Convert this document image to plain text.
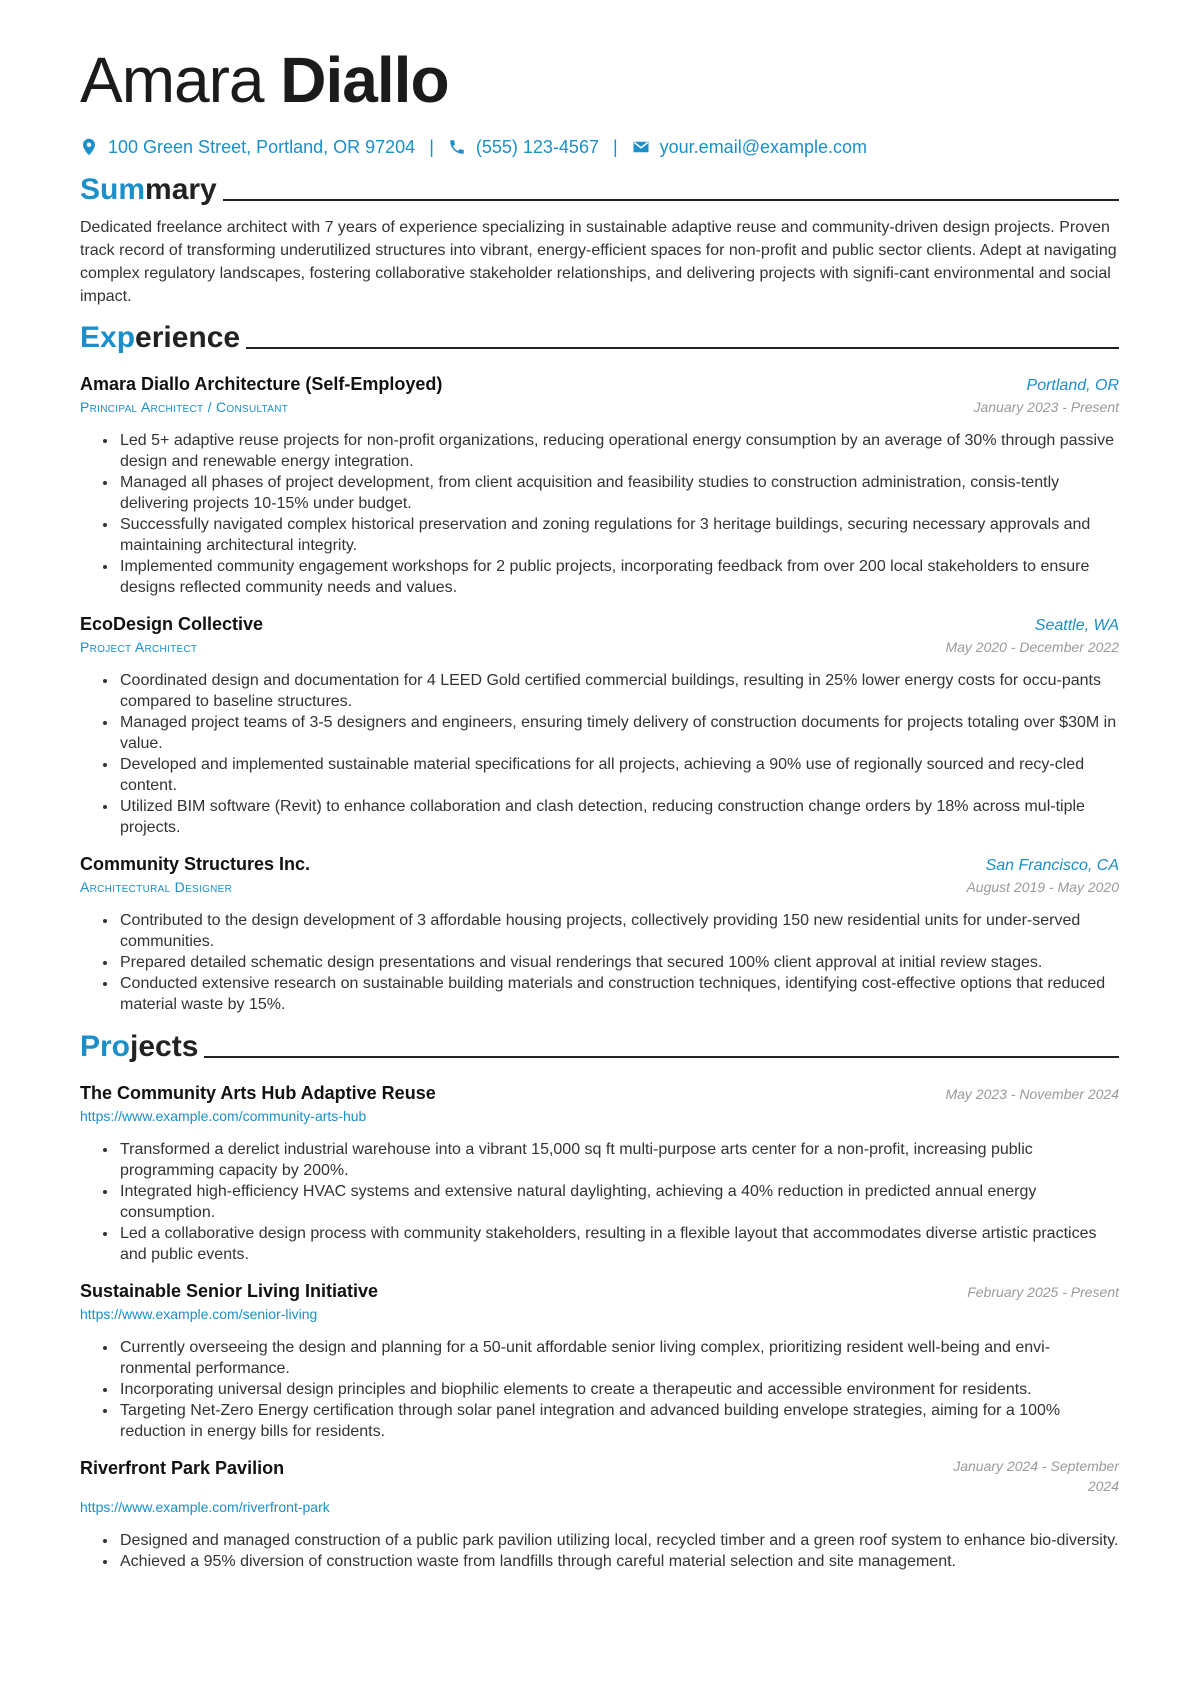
Amara Diallo
100 Green Street, Portland, OR 97204 | (555) 123-4567 | your.email@example.com
Summary
Dedicated freelance architect with 7 years of experience specializing in sustainable adaptive reuse and community-driven design projects. Proven track record of transforming underutilized structures into vibrant, energy-efficient spaces for non-profit and public sector clients. Adept at navigating complex regulatory landscapes, fostering collaborative stakeholder relationships, and delivering projects with signifi-cant environmental and social impact.
Experience
Amara Diallo Architecture (Self-Employed)	Portland, OR
Principal Architect / Consultant	January 2023 - Present
• Led 5+ adaptive reuse projects for non-profit organizations, reducing operational energy consumption by an average of 30% through passive design and renewable energy integration.
• Managed all phases of project development, from client acquisition and feasibility studies to construction administration, consis-tently delivering projects 10-15% under budget.
• Successfully navigated complex historical preservation and zoning regulations for 3 heritage buildings, securing necessary approvals and maintaining architectural integrity.
• Implemented community engagement workshops for 2 public projects, incorporating feedback from over 200 local stakeholders to ensure designs reflected community needs and values.
EcoDesign Collective	Seattle, WA
Project Architect	May 2020 - December 2022
• Coordinated design and documentation for 4 LEED Gold certified commercial buildings, resulting in 25% lower energy costs for occu-pants compared to baseline structures.
• Managed project teams of 3-5 designers and engineers, ensuring timely delivery of construction documents for projects totaling over $30M in value.
• Developed and implemented sustainable material specifications for all projects, achieving a 90% use of regionally sourced and recy-cled content.
• Utilized BIM software (Revit) to enhance collaboration and clash detection, reducing construction change orders by 18% across mul-tiple projects.
Community Structures Inc.	San Francisco, CA
Architectural Designer	August 2019 - May 2020
• Contributed to the design development of 3 affordable housing projects, collectively providing 150 new residential units for under-served communities.
• Prepared detailed schematic design presentations and visual renderings that secured 100% client approval at initial review stages.
• Conducted extensive research on sustainable building materials and construction techniques, identifying cost-effective options that reduced material waste by 15%.
Projects
The Community Arts Hub Adaptive Reuse	May 2023 - November 2024
https://www.example.com/community-arts-hub
• Transformed a derelict industrial warehouse into a vibrant 15,000 sq ft multi-purpose arts center for a non-profit, increasing public programming capacity by 200%.
• Integrated high-efficiency HVAC systems and extensive natural daylighting, achieving a 40% reduction in predicted annual energy consumption.
• Led a collaborative design process with community stakeholders, resulting in a flexible layout that accommodates diverse artistic practices and public events.
Sustainable Senior Living Initiative	February 2025 - Present
https://www.example.com/senior-living
• Currently overseeing the design and planning for a 50-unit affordable senior living complex, prioritizing resident well-being and envi-ronmental performance.
• Incorporating universal design principles and biophilic elements to create a therapeutic and accessible environment for residents.
• Targeting Net-Zero Energy certification through solar panel integration and advanced building envelope strategies, aiming for a 100% reduction in energy bills for residents.
Riverfront Park Pavilion	January 2024 - September 2024
https://www.example.com/riverfront-park
• Designed and managed construction of a public park pavilion utilizing local, recycled timber and a green roof system to enhance bio-diversity.
• Achieved a 95% diversion of construction waste from landfills through careful material selection and site management.
